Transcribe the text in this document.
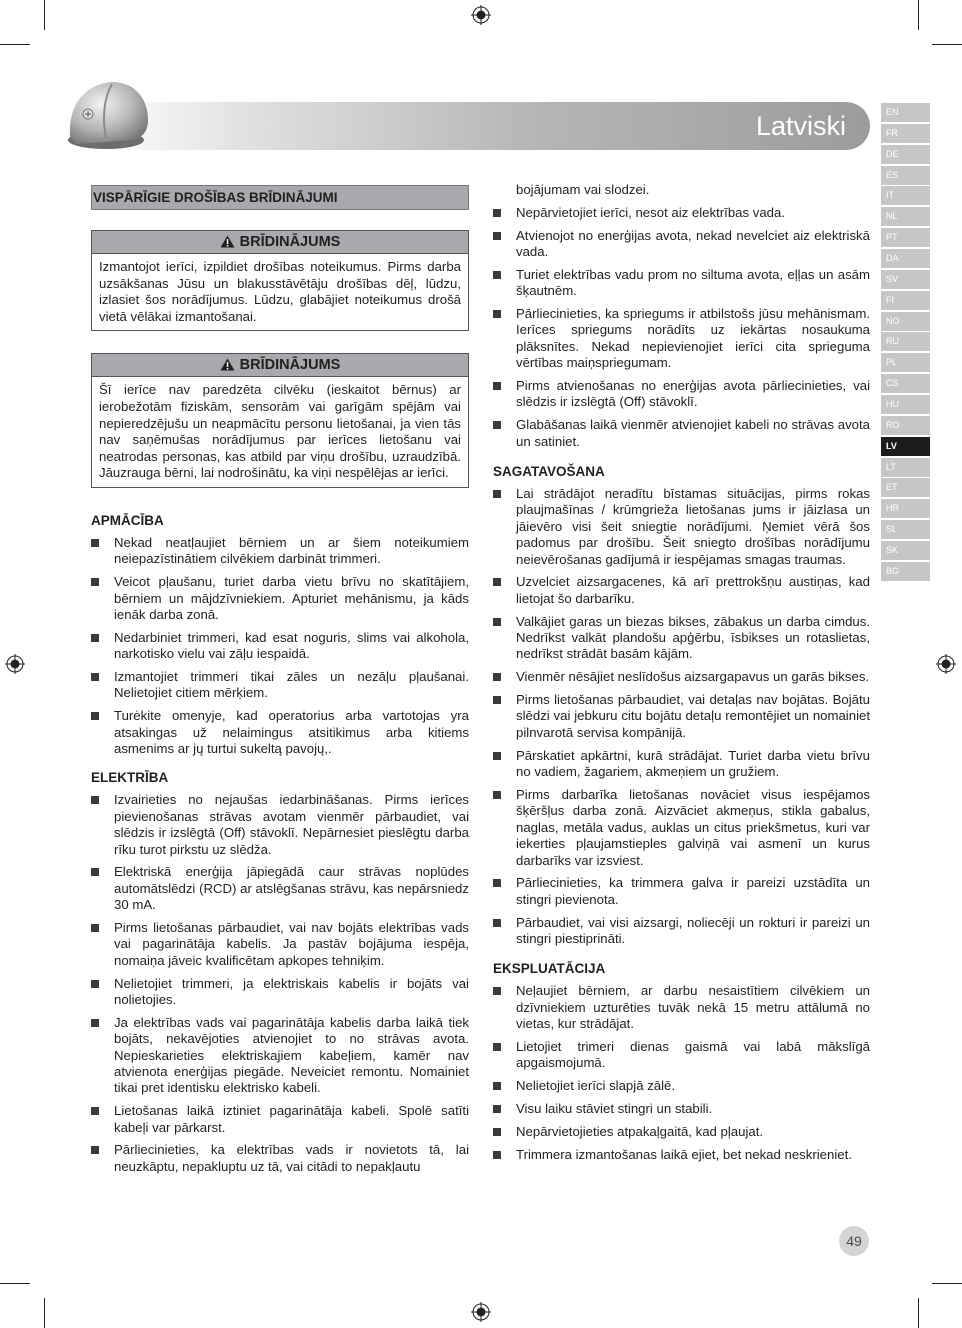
Latviski	EN
FR
DE
ES
IT
NL
PT
DA
SV
FI
NO
RU
PL
CS
HU
RO
LV
LT
ET
HR
SL
SK
BG
VISPĀRĪGIE DROŠĪBAS BRĪDINĀJUMI
BRĪDINĀJUMS
Izmantojot ierīci, izpildiet drošības noteikumus. Pirms darba uzsākšanas Jūsu un blakusstāvētāju drošības dēļ, lūdzu, izlasiet šos norādījumus. Lūdzu, glabājiet noteikumus drošā vietā vēlākai izmantošanai.
BRĪDINĀJUMS
Šī ierīce nav paredzēta cilvēku (ieskaitot bērnus) ar ierobežotām fiziskām, sensorām vai garīgām spējām vai nepieredzējušu un neapmācītu personu lietošanai, ja vien tās nav saņēmušas norādījumus par ierīces lietošanu vai neatrodas personas, kas atbild par viņu drošību, uzraudzībā. Jāuzrauga bērni, lai nodrošinātu, ka viņi nespēlējas ar ierīci.
APMĀCĪBA
Nekad neatļaujiet bērniem un ar šiem noteikumiem neiepazīstinātiem cilvēkiem darbināt trimmeri.
Veicot pļaušanu, turiet darba vietu brīvu no skatītājiem, bērniem un mājdzīvniekiem. Apturiet mehānismu, ja kāds ienāk darba zonā.
Nedarbiniet trimmeri, kad esat noguris, slims vai alkohola, narkotisko vielu vai zāļu iespaidā.
Izmantojiet trimmeri tikai zāles un nezāļu pļaušanai. Nelietojiet citiem mērķiem.
Turėkite omenyje, kad operatorius arba vartotojas yra atsakingas už nelaimingus atsitikimus arba kitiems asmenims ar jų turtui sukeltą pavojų,.
ELEKTRĪBA
Izvairieties no nejaušas iedarbināšanas. Pirms ierīces pievienošanas strāvas avotam vienmēr pārbaudiet, vai slēdzis ir izslēgtā (Off) stāvoklī. Nepārnesiet pieslēgtu darba rīku turot pirkstu uz slēdža.
Elektriskā enerģija jāpiegādā caur strāvas noplūdes automātslēdzi (RCD) ar atslēgšanas strāvu, kas nepārsniedz 30 mA.
Pirms lietošanas pārbaudiet, vai nav bojāts elektrības vads vai pagarinātāja kabelis. Ja pastāv bojājuma iespēja, nomaiņa jāveic kvalificētam apkopes tehniķim.
Nelietojiet trimmeri, ja elektriskais kabelis ir bojāts vai nolietojies.
Ja elektrības vads vai pagarinātāja kabelis darba laikā tiek bojāts, nekavējoties atvienojiet to no strāvas avota. Nepieskarieties elektriskajiem kabeļiem, kamēr nav atvienota enerģijas piegāde. Neveiciet remontu. Nomainiet tikai pret identisku elektrisko kabeli.
Lietošanas laikā iztiniet pagarinātāja kabeli. Spolē satīti kabeļi var pārkarst.
Pārliecinieties, ka elektrības vads ir novietots tā, lai neuzkāptu, nepakluptu uz tā, vai citādi to nepakļautu
bojājumam vai slodzei.
Nepārvietojiet ierīci, nesot aiz elektrības vada.
Atvienojot no enerģijas avota, nekad nevelciet aiz elektriskā vada.
Turiet elektrības vadu prom no siltuma avota, eļļas un asām šķautnēm.
Pārliecinieties, ka spriegums ir atbilstošs jūsu mehānismam. Ierīces spriegums norādīts uz iekārtas nosaukuma plāksnītes. Nekad nepievienojiet ierīci cita sprieguma vērtības maiņspriegumam.
Pirms atvienošanas no enerģijas avota pārliecinieties, vai slēdzis ir izslēgtā (Off) stāvoklī.
Glabāšanas laikā vienmēr atvienojiet kabeli no strāvas avota un satiniet.
SAGATAVOŠANA
Lai strādājot neradītu bīstamas situācijas, pirms rokas plaujmašīnas / krūmgrieža lietošanas jums ir jāizlasa un jāievēro visi šeit sniegtie norādījumi. Ņemiet vērā šos padomus par drošību. Šeit sniegto drošības norādījumu neievērošanas gadījumā ir iespējamas smagas traumas.
Uzvelciet aizsargacenes, kā arī prettrokšņu austiņas, kad lietojat šo darbarīku.
Valkājiet garas un biezas bikses, zābakus un darba cimdus. Nedrīkst valkāt plandošu apģērbu, īsbikses un rotaslietas, nedrīkst strādāt basām kājām.
Vienmēr nēsājiet neslīdošus aizsargapavus un garās bikses.
Pirms lietošanas pārbaudiet, vai detaļas nav bojātas. Bojātu slēdzi vai jebkuru citu bojātu detaļu remontējiet un nomainiet pilnvarotā servisa kompānijā.
Pārskatiet apkārtni, kurā strādājat. Turiet darba vietu brīvu no vadiem, žagariem, akmeņiem un gružiem.
Pirms darbarīka lietošanas novāciet visus iespējamos šķēršļus darba zonā. Aizvāciet akmeņus, stikla gabalus, naglas, metāla vadus, auklas un citus priekšmetus, kuri var iekerties pļaujamstieples galviņā vai asmenī un kurus darbarīks var izsviest.
Pārliecinieties, ka trimmera galva ir pareizi uzstādīta un stingri pievienota.
Pārbaudiet, vai visi aizsargi, noliecēji un rokturi ir pareizi un stingri piestiprināti.
EKSPLUATĀCIJA
Neļaujiet bērniem, ar darbu nesaistītiem cilvēkiem un dzīvniekiem uzturēties tuvāk nekā 15 metru attālumā no vietas, kur strādājat.
Lietojiet trimeri dienas gaismā vai labā mākslīgā apgaismojumā.
Nelietojiet ierīci slapjā zālē.
Visu laiku stāviet stingri un stabili.
Nepārvietojieties atpakaļgaitā, kad pļaujat.
Trimmera izmantošanas laikā ejiet, bet nekad neskrieniet.
49
